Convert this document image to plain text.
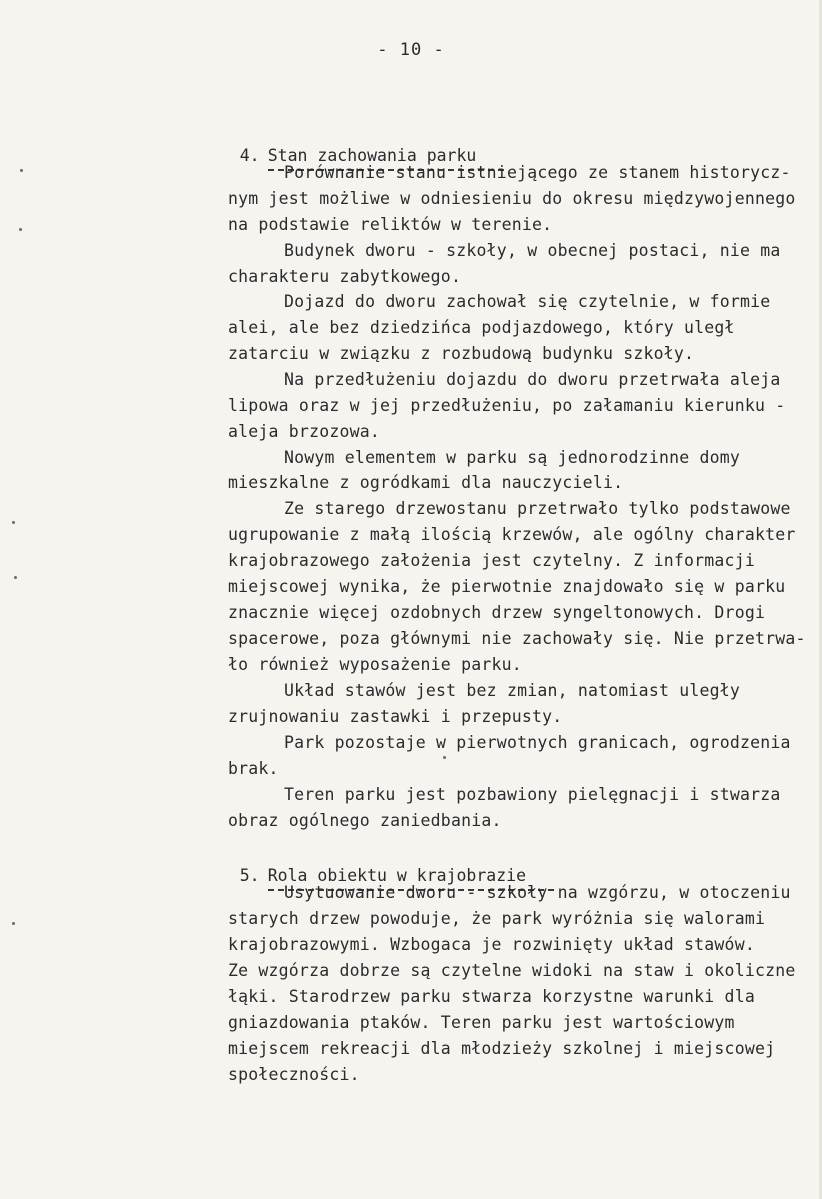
- 10 -

4. Stan zachowania parku

Porównanie stanu istniejącego ze stanem historycz-
nym jest możliwe w odniesieniu do okresu międzywojennego
na podstawie reliktów w terenie.
Budynek dworu - szkoły, w obecnej postaci, nie ma
charakteru zabytkowego.
Dojazd do dworu zachował się czytelnie, w formie
alei, ale bez dziedzińca podjazdowego, który uległ
zatarciu w związku z rozbudową budynku szkoły.
Na przedłużeniu dojazdu do dworu przetrwała aleja
lipowa oraz w jej przedłużeniu, po załamaniu kierunku -
aleja brzozowa.
Nowym elementem w parku są jednorodzinne domy
mieszkalne z ogródkami dla nauczycieli.
Ze starego drzewostanu przetrwało tylko podstawowe
ugrupowanie z małą ilością krzewów, ale ogólny charakter
krajobrazowego założenia jest czytelny. Z informacji
miejscowej wynika, że pierwotnie znajdowało się w parku
znacznie więcej ozdobnych drzew syngeltonowych. Drogi
spacerowe, poza głównymi nie zachowały się. Nie przetrwa-
ło również wyposażenie parku.
Układ stawów jest bez zmian, natomiast uległy
zrujnowaniu zastawki i przepusty.
Park pozostaje w pierwotnych granicach, ogrodzenia
brak.
Teren parku jest pozbawiony pielęgnacji i stwarza
obraz ogólnego zaniedbania.

5. Rola obiektu w krajobrazie

Usytuowanie dworu - szkoły na wzgórzu, w otoczeniu
starych drzew powoduje, że park wyróżnia się walorami
krajobrazowymi. Wzbogaca je rozwinięty układ stawów.
Ze wzgórza dobrze są czytelne widoki na staw i okoliczne
łąki. Starodrzew parku stwarza korzystne warunki dla
gniazdowania ptaków. Teren parku jest wartościowym
miejscem rekreacji dla młodzieży szkolnej i miejscowej
społeczności.
